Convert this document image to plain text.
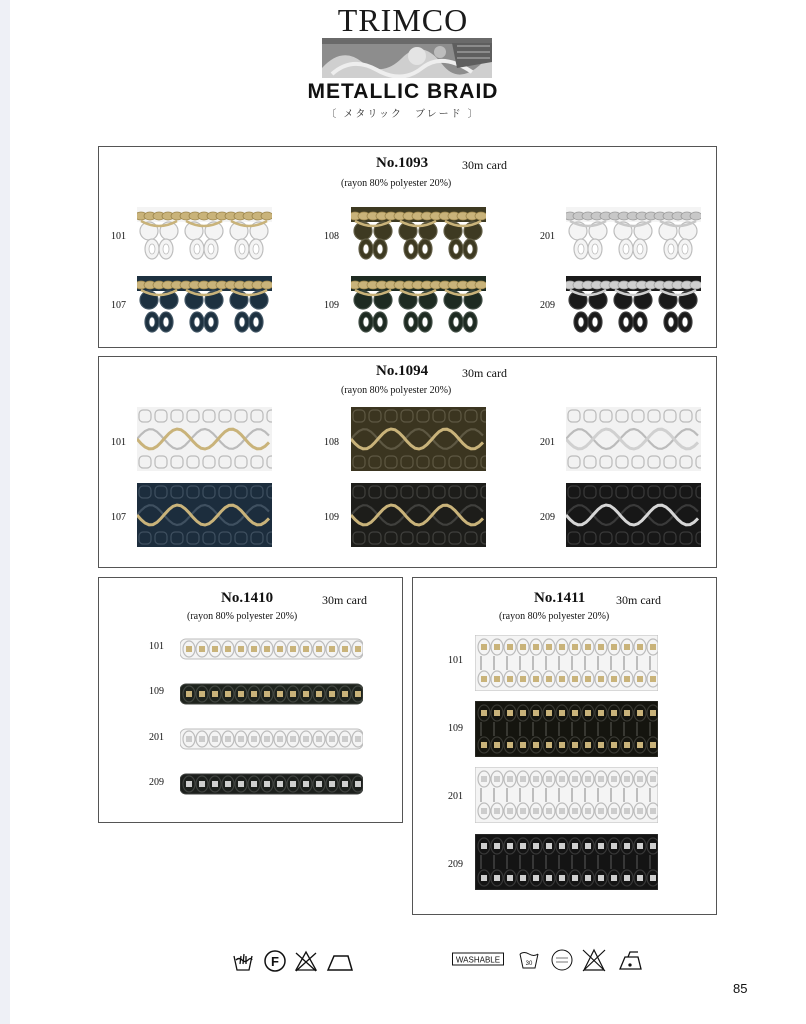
TRIMCO
METALLIC BRAID
〔 メタリック　ブレード 〕
No.1093	30m card
(rayon 80% polyester 20%)
101	108	201
107	109	209
No.1094	30m card
(rayon 80% polyester 20%)
101	108	201
107	109	209
No.1410	30m card
(rayon 80% polyester 20%)
101
109
201
209
No.1411	30m card
(rayon 80% polyester 20%)
101
109
201
209
F	WASHABLE	30
85
